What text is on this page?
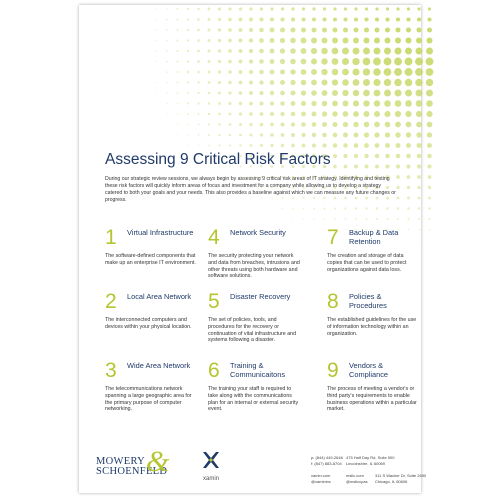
Assessing 9 Critical Risk Factors
During our strategic review sessions, we always begin by assessing 9 critical risk areas of IT strategy. Identifying and testing these risk factors will quickly inform areas of focus and investment for a company while allowing us to develop a strategy catered to both your goals and your needs. This also provides a baseline against which we can measure any future changes or progress.
1 Virtual Infrastructure
The software-defined components that make up an enterprise IT environment.
4 Network Security
The security protecting your network and data from breaches, intrusions and other threats using both hardware and software solutions.
7 Backup & Data Retention
The creation and storage of data copies that can be used to protect organizations against data loss.
2 Local Area Network
The interconnected computers and devices within your physical location.
5 Disaster Recovery
The set of policies, tools, and procedures for the recovery or continuation of vital infrastructure and systems following a disaster.
8 Policies & Procedures
The established guidelines for the use of information technology within an organization.
3 Wide Area Network
The telecommunications network spanning a large geographic area for the primary purpose of computer networking.
6 Training & Communicaitons
The training your staff is required to take along with the communications plan for an internal or external security event.
9 Vendors & Compliance
The process of meeting a vendor's or third party's requirements to enable business operations within a particular market.
&
MOWERY
SCHOENFELD
xamin
p: (844) 449-2646
f: (847) 883-8704
xamin.com
@xamininc
475 Half Day Rd, Suite 500
Lincolnshire, IL 60069
msllc.com
@msllccpas
311 S Wacker Dr, Suite 2650
Chicago, IL 60606
